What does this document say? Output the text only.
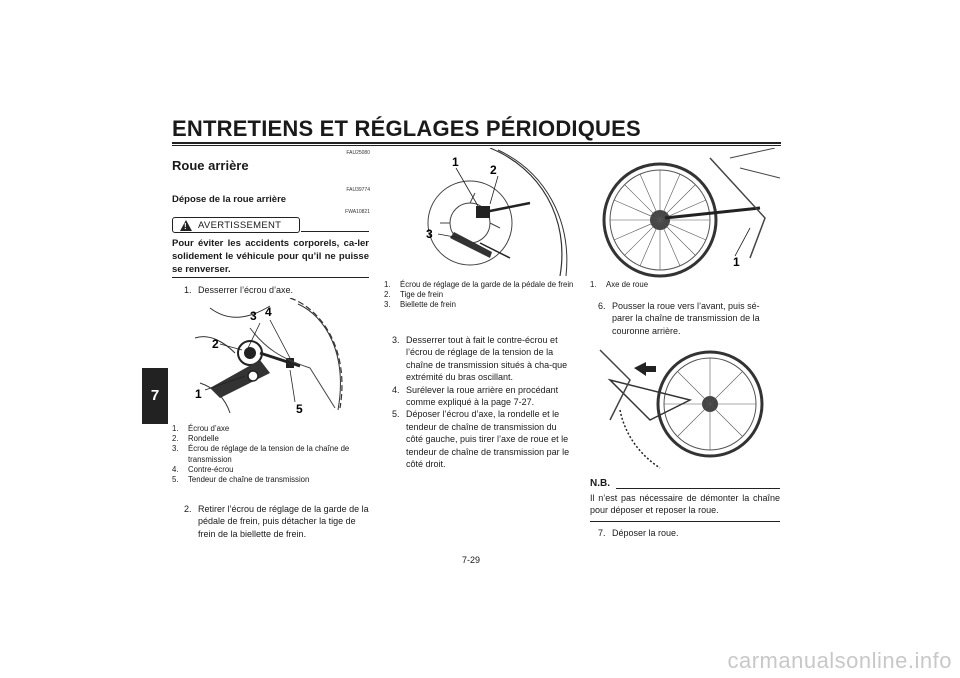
ENTRETIENS ET RÉGLAGES PÉRIODIQUES
7
FAU25080
Roue arrière
FAU39774
Dépose de la roue arrière
FWA10821
! AVERTISSEMENT
Pour éviter les accidents corporels, ca-ler solidement le véhicule pour qu’il ne puisse se renverser.
1. Desserrer l’écrou d’axe.
3 4
2
1
5
1. Écrou d’axe
2. Rondelle
3.	Écrou de réglage de la tension de la chaîne de transmission
4. Contre-écrou
5. Tendeur de chaîne de transmission
2. Retirer l’écrou de réglage de la garde de la pédale de frein, puis détacher la tige de frein de la biellette de frein.
1
2
3
1.	Écrou de réglage de la garde de la pédale de frein
2. Tige de frein
3. Biellette de frein
3. Desserrer tout à fait le contre-écrou et l’écrou de réglage de la tension de la chaîne de transmission situés à cha-que extrémité du bras oscillant.
4. Surélever la roue arrière en procédant comme expliqué à la page 7-27.
5. Déposer l’écrou d’axe, la rondelle et le tendeur de chaîne de transmission du côté gauche, puis tirer l’axe de roue et le tendeur de chaîne de transmission par le côté droit.
1
1. Axe de roue
6. Pousser la roue vers l’avant, puis sé-parer la chaîne de transmission de la couronne arrière.
N.B.
Il n’est pas nécessaire de démonter la chaîne pour déposer et reposer la roue.
7. Déposer la roue.
7-29
carmanualsonline.info
